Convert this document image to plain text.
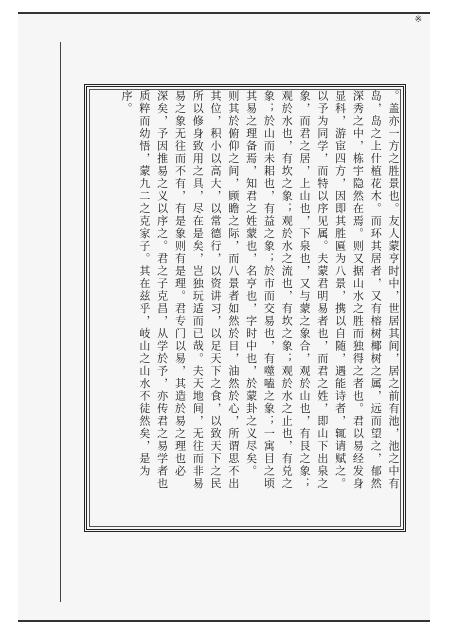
※
。盖亦一方之胜景也。友人蒙亨时中，世居其间，居之前有池，池之中有
岛，岛之上什植花木。而环其居者，又有榕树椰树之属，远而望之，郁然
深秀之中，栋宇隐然在焉。则又据山水之胜而独得之者也。君以易经发身
显科，游宦四方，因即其胜匾为八景，携以自随，遇能诗者，辄请赋之。
以予为同学，而特以序见属。夫蒙君明易者也，而君之姓，即山下出泉之
象，而君之居，上山也，下泉也，又与蒙之象合，观於山也，有艮之象；
观於水也，有坎之象；观於水之流也，有坎之象；观於水之止也，有兑之
象；於山而未耜也，有益之象；於市而交易也，有噬嗑之象；一寓目之顷
其易之理备焉，知君之姓蒙也，名亨也，字时中也，於蒙卦之义尽矣。
则其於俯仰之间，顾瞻之际，而八景者如然於目，油然於心，所谓思不出
其位，积小以高大，以常德行，以资讲习，以足天下之食，以致天下之民
所以修身致用之具，尽在是矣，岂独玩适而已哉。夫天地间，无往而非易
易之象无往而不有，有是象则有是理。君专门以易，其造於易之理也必
深矣，予因推易之义以序之。君之子克昌，从学於予，亦传君之易学者也
质粹而幼悟，蒙九二之克家子。其在兹乎，岐山之山水不徒然矣，是为
序。
